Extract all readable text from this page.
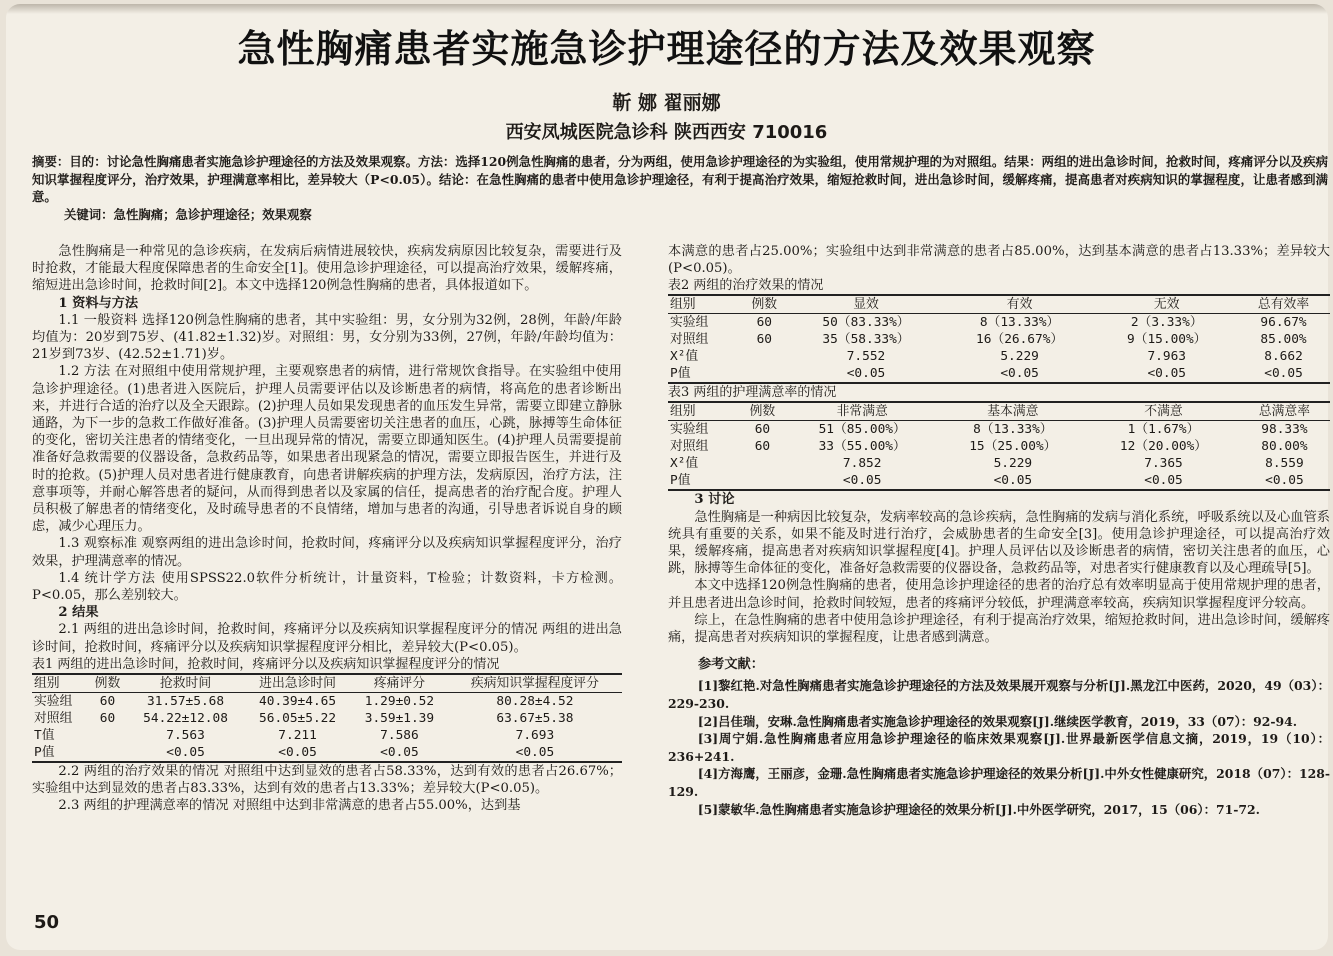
急性胸痛患者实施急诊护理途径的方法及效果观察
靳 娜 翟丽娜
西安凤城医院急诊科 陕西西安 710016
摘要：目的：讨论急性胸痛患者实施急诊护理途径的方法及效果观察。方法：选择120例急性胸痛的患者，分为两组，使用急诊护理途径的为实验组，使用常规护理的为对照组。结果：两组的进出急诊时间，抢救时间，疼痛评分以及疾病知识掌握程度评分，治疗效果，护理满意率相比，差异较大（P<0.05）。结论：在急性胸痛的患者中使用急诊护理途径，有利于提高治疗效果，缩短抢救时间，进出急诊时间，缓解疼痛，提高患者对疾病知识的掌握程度，让患者感到满意。
关键词：急性胸痛；急诊护理途径；效果观察

急性胸痛是一种常见的急诊疾病，在发病后病情进展较快，疾病发病原因比较复杂，需要进行及时抢救，才能最大程度保障患者的生命安全[1]。使用急诊护理途径，可以提高治疗效果，缓解疼痛，缩短进出急诊时间，抢救时间[2]。本文中选择120例急性胸痛的患者，具体报道如下。

1 资料与方法

1.1 一般资料 选择120例急性胸痛的患者，其中实验组：男，女分别为32例，28例，年龄/年龄均值为：20岁到75岁、(41.82±1.32)岁。对照组：男，女分别为33例，27例，年龄/年龄均值为：21岁到73岁、(42.52±1.71)岁。

1.2 方法 在对照组中使用常规护理，主要观察患者的病情，进行常规饮食指导。在实验组中使用急诊护理途径。(1)患者进入医院后，护理人员需要评估以及诊断患者的病情，将高危的患者诊断出来，并进行合适的治疗以及全天跟踪。(2)护理人员如果发现患者的血压发生异常，需要立即建立静脉通路，为下一步的急救工作做好准备。(3)护理人员需要密切关注患者的血压，心跳，脉搏等生命体征的变化，密切关注患者的情绪变化，一旦出现异常的情况，需要立即通知医生。(4)护理人员需要提前准备好急救需要的仪器设备，急救药品等，如果患者出现紧急的情况，需要立即报告医生，并进行及时的抢救。(5)护理人员对患者进行健康教育，向患者讲解疾病的护理方法，发病原因，治疗方法，注意事项等，并耐心解答患者的疑问，从而得到患者以及家属的信任，提高患者的治疗配合度。护理人员积极了解患者的情绪变化，及时疏导患者的不良情绪，增加与患者的沟通，引导患者诉说自身的顾虑，减少心理压力。

1.3 观察标准 观察两组的进出急诊时间，抢救时间，疼痛评分以及疾病知识掌握程度评分，治疗效果，护理满意率的情况。

1.4 统计学方法 使用SPSS22.0软件分析统计，计量资料，T检验；计数资料，卡方检测。P<0.05，那么差别较大。

2 结果

2.1 两组的进出急诊时间，抢救时间，疼痛评分以及疾病知识掌握程度评分的情况 两组的进出急诊时间，抢救时间，疼痛评分以及疾病知识掌握程度评分相比，差异较大(P<0.05)。

表1 两组的进出急诊时间，抢救时间，疼痛评分以及疾病知识掌握程度评分的情况

组别	例数	抢救时间	进出急诊时间	疼痛评分	疾病知识掌握程度评分
实验组	60	31.57±5.68	40.39±4.65	1.29±0.52	80.28±4.52
对照组	60	54.22±12.08	56.05±5.22	3.59±1.39	63.67±5.38
T值		7.563	7.211	7.586	7.693
P值		<0.05	<0.05	<0.05	<0.05

2.2 两组的治疗效果的情况 对照组中达到显效的患者占58.33%，达到有效的患者占26.67%；实验组中达到显效的患者占83.33%，达到有效的患者占13.33%；差异较大(P<0.05)。

2.3 两组的护理满意率的情况 对照组中达到非常满意的患者占55.00%，达到基

本满意的患者占25.00%；实验组中达到非常满意的患者占85.00%，达到基本满意的患者占13.33%；差异较大(P<0.05)。

表2 两组的治疗效果的情况

组别	例数	显效	有效	无效	总有效率
实验组	60	50（83.33%）	8（13.33%）	2（3.33%）	96.67%
对照组	60	35（58.33%）	16（26.67%）	9（15.00%）	85.00%
X²值		7.552	5.229	7.963	8.662
P值		<0.05	<0.05	<0.05	<0.05

表3 两组的护理满意率的情况

组别	例数	非常满意	基本满意	不满意	总满意率
实验组	60	51（85.00%）	8（13.33%）	1（1.67%）	98.33%
对照组	60	33（55.00%）	15（25.00%）	12（20.00%）	80.00%
X²值		7.852	5.229	7.365	8.559
P值		<0.05	<0.05	<0.05	<0.05
3 讨论

急性胸痛是一种病因比较复杂，发病率较高的急诊疾病，急性胸痛的发病与消化系统，呼吸系统以及心血管系统具有重要的关系，如果不能及时进行治疗，会威胁患者的生命安全[3]。使用急诊护理途径，可以提高治疗效果，缓解疼痛，提高患者对疾病知识掌握程度[4]。护理人员评估以及诊断患者的病情，密切关注患者的血压，心跳，脉搏等生命体征的变化，准备好急救需要的仪器设备，急救药品等，对患者实行健康教育以及心理疏导[5]。

本文中选择120例急性胸痛的患者，使用急诊护理途径的患者的治疗总有效率明显高于使用常规护理的患者，并且患者进出急诊时间，抢救时间较短，患者的疼痛评分较低，护理满意率较高，疾病知识掌握程度评分较高。

综上，在急性胸痛的患者中使用急诊护理途径，有利于提高治疗效果，缩短抢救时间，进出急诊时间，缓解疼痛，提高患者对疾病知识的掌握程度，让患者感到满意。

参考文献：

[1]黎红艳.对急性胸痛患者实施急诊护理途径的方法及效果展开观察与分析[J].黑龙江中医药，2020，49（03）：229-230.

[2]吕佳瑞，安琳.急性胸痛患者实施急诊护理途径的效果观察[J].继续医学教育，2019，33（07）：92-94.

[3]周宁娟.急性胸痛患者应用急诊护理途径的临床效果观察[J].世界最新医学信息文摘，2019，19（10）：236+241.

[4]方海鹰，王丽彦，金珊.急性胸痛患者实施急诊护理途径的效果分析[J].中外女性健康研究，2018（07）：128-129.

[5]蒙敏华.急性胸痛患者实施急诊护理途径的效果分析[J].中外医学研究，2017，15（06）：71-72.

50
